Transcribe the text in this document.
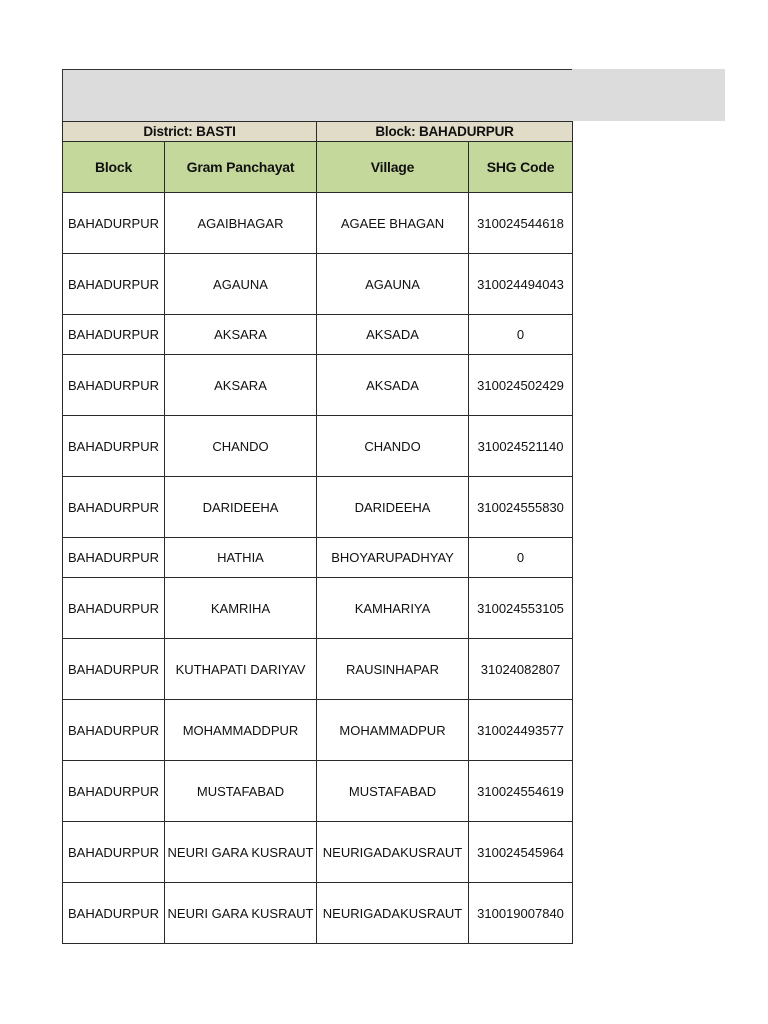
District: BASTI		Block: BAHADURPUR	
Block	Gram Panchayat	Village	SHG Code
BAHADURPUR	AGAIBHAGAR	AGAEE BHAGAN	310024544618
BAHADURPUR	AGAUNA	AGAUNA	310024494043
BAHADURPUR	AKSARA	AKSADA	0
BAHADURPUR	AKSARA	AKSADA	310024502429
BAHADURPUR	CHANDO	CHANDO	310024521140
BAHADURPUR	DARIDEEHA	DARIDEEHA	310024555830
BAHADURPUR	HATHIA	BHOYARUPADHYAY	0
BAHADURPUR	KAMRIHA	KAMHARIYA	310024553105
BAHADURPUR	KUTHAPATI DARIYAV	RAUSINHAPAR	31024082807
BAHADURPUR	MOHAMMADDPUR	MOHAMMADPUR	310024493577
BAHADURPUR	MUSTAFABAD	MUSTAFABAD	310024554619
BAHADURPUR	NEURI GARA KUSRAUT	NEURIGADAKUSRAUT	310024545964
BAHADURPUR	NEURI GARA KUSRAUT	NEURIGADAKUSRAUT	310019007840
